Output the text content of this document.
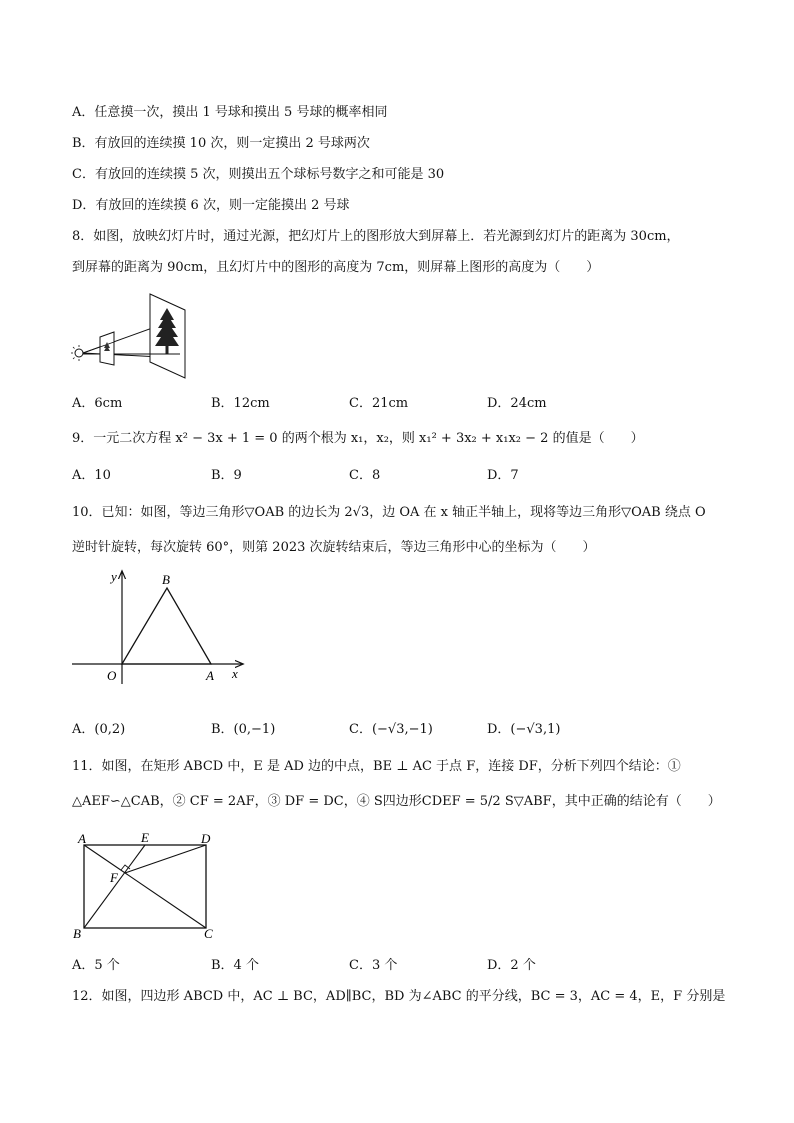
A．任意摸一次，摸出 1 号球和摸出 5 号球的概率相同
B．有放回的连续摸 10 次，则一定摸出 2 号球两次
C．有放回的连续摸 5 次，则摸出五个球标号数字之和可能是 30
D．有放回的连续摸 6 次，则一定能摸出 2 号球
8．如图，放映幻灯片时，通过光源，把幻灯片上的图形放大到屏幕上．若光源到幻灯片的距离为 30cm，
到屏幕的距离为 90cm，且幻灯片中的图形的高度为 7cm，则屏幕上图形的高度为（　　）
A．6cm	B．12cm	C．21cm	D．24cm
9．一元二次方程 x² − 3x + 1 = 0 的两个根为 x₁，x₂，则 x₁² + 3x₂ + x₁x₂ − 2 的值是（　　）
A．10	B．9	C．8	D．7
10．已知：如图，等边三角形▽OAB 的边长为 2√3，边 OA 在 x 轴正半轴上，现将等边三角形▽OAB 绕点 O
逆时针旋转，每次旋转 60°，则第 2023 次旋转结束后，等边三角形中心的坐标为（　　）
y	B
O	A x
A．(0,2)	B．(0,−1)	C．(−√3,−1)	D．(−√3,1)
11．如图，在矩形 ABCD 中，E 是 AD 边的中点，BE ⊥ AC 于点 F，连接 DF，分析下列四个结论：①
△AEF∽△CAB，② CF = 2AF，③ DF = DC，④ S四边形CDEF = 5/2 S▽ABF，其中正确的结论有（　　）
A	E	D
F
B	C
A．5 个	B．4 个	C．3 个	D．2 个
12．如图，四边形 ABCD 中，AC ⊥ BC，AD∥BC，BD 为∠ABC 的平分线，BC = 3，AC = 4，E，F 分别是
